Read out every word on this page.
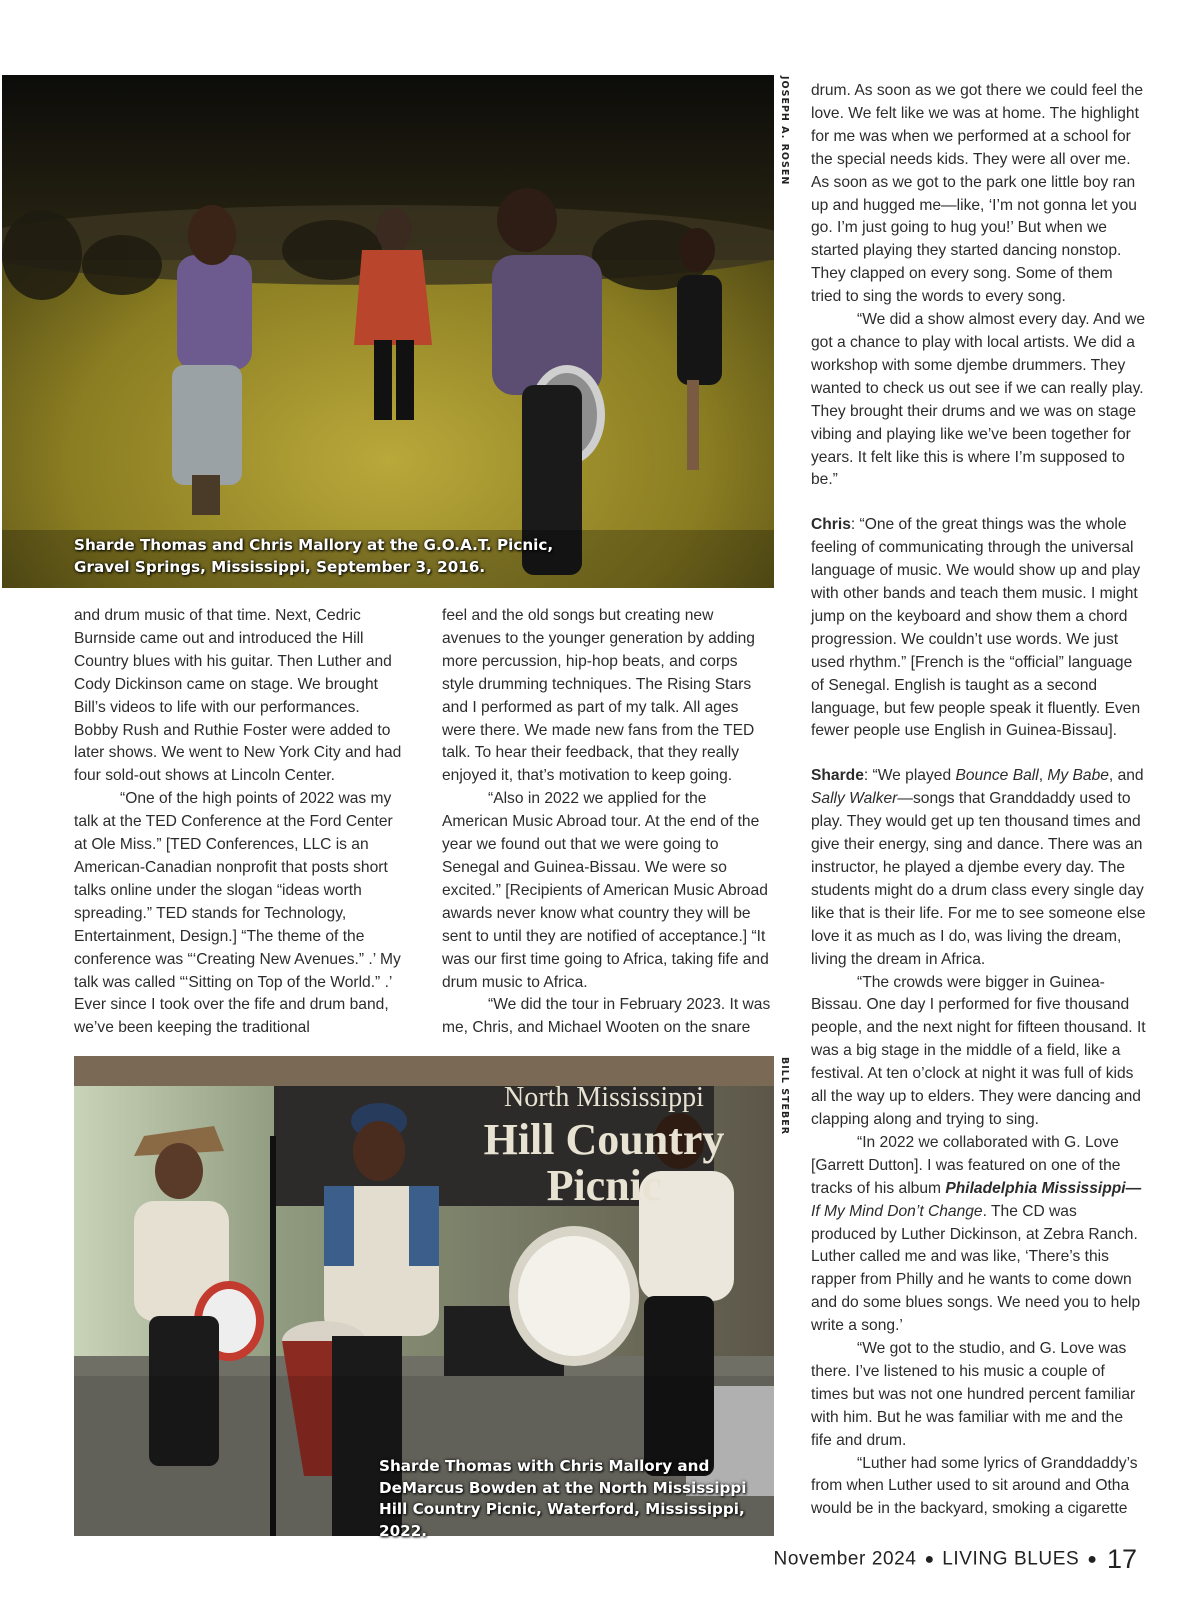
JOSEPH A. ROSEN
Sharde Thomas and Chris Mallory at the G.O.A.T. Picnic, Gravel Springs, Mississippi, September 3, 2016.

and drum music of that time. Next, Cedric Burnside came out and introduced the Hill Country blues with his guitar. Then Luther and Cody Dickinson came on stage. We brought Bill’s videos to life with our performances. Bobby Rush and Ruthie Foster were added to later shows. We went to New York City and had four sold-out shows at Lincoln Center.

“One of the high points of 2022 was my talk at the TED Conference at the Ford Center at Ole Miss.” [TED Conferences, LLC is an American-Canadian nonprofit that posts short talks online under the slogan “ideas worth spreading.” TED stands for Technology, Entertainment, Design.] “The theme of the conference was “‘Creating New Avenues.” .’ My talk was called “‘Sitting on Top of the World.” .’ Ever since I took over the fife and drum band, we’ve been keeping the traditional

feel and the old songs but creating new avenues to the younger generation by adding more percussion, hip-hop beats, and corps style drumming techniques. The Rising Stars and I performed as part of my talk. All ages were there. We made new fans from the TED talk. To hear their feedback, that they really enjoyed it, that’s motivation to keep going.

“Also in 2022 we applied for the American Music Abroad tour. At the end of the year we found out that we were going to Senegal and Guinea-Bissau. We were so excited.” [Recipients of American Music Abroad awards never know what country they will be sent to until they are notified of acceptance.] “It was our first time going to Africa, taking fife and drum music to Africa.

“We did the tour in February 2023. It was me, Chris, and Michael Wooten on the snare

North Mississippi
Hill Country
Picnic
BILL STEBER
Sharde Thomas with Chris Mallory and DeMarcus Bowden at the North Mississippi Hill Country Picnic, Waterford, Mississippi, 2022.

drum. As soon as we got there we could feel the love. We felt like we was at home. The highlight for me was when we performed at a school for the special needs kids. They were all over me. As soon as we got to the park one little boy ran up and hugged me—like, ‘I’m not gonna let you go. I’m just going to hug you!’ But when we started playing they started dancing nonstop. They clapped on every song. Some of them tried to sing the words to every song.

“We did a show almost every day. And we got a chance to play with local artists. We did a workshop with some djembe drummers. They wanted to check us out see if we can really play. They brought their drums and we was on stage vibing and playing like we’ve been together for years. It felt like this is where I’m supposed to be.”

Chris: “One of the great things was the whole feeling of communicating through the universal language of music. We would show up and play with other bands and teach them music. I might jump on the keyboard and show them a chord progression. We couldn’t use words. We just used rhythm.” [French is the “official” language of Senegal. English is taught as a second language, but few people speak it fluently. Even fewer people use English in Guinea-Bissau].

Sharde: “We played Bounce Ball, My Babe, and Sally Walker—songs that Granddaddy used to play. They would get up ten thousand times and give their energy, sing and dance. There was an instructor, he played a djembe every day. The students might do a drum class every single day like that is their life. For me to see someone else love it as much as I do, was living the dream, living the dream in Africa.

“The crowds were bigger in Guinea-Bissau. One day I performed for five thousand people, and the next night for fifteen thousand. It was a big stage in the middle of a field, like a festival. At ten o’clock at night it was full of kids all the way up to elders. They were dancing and clapping along and trying to sing.

“In 2022 we collaborated with G. Love [Garrett Dutton]. I was featured on one of the tracks of his album Philadelphia Mississippi—If My Mind Don’t Change. The CD was produced by Luther Dickinson, at Zebra Ranch. Luther called me and was like, ‘There’s this rapper from Philly and he wants to come down and do some blues songs. We need you to help write a song.’

“We got to the studio, and G. Love was there. I’ve listened to his music a couple of times but was not one hundred percent familiar with him. But he was familiar with me and the fife and drum.

“Luther had some lyrics of Granddaddy’s from when Luther used to sit around and Otha would be in the backyard, smoking a cigarette

November 2024 ● LIVING BLUES ● 17
